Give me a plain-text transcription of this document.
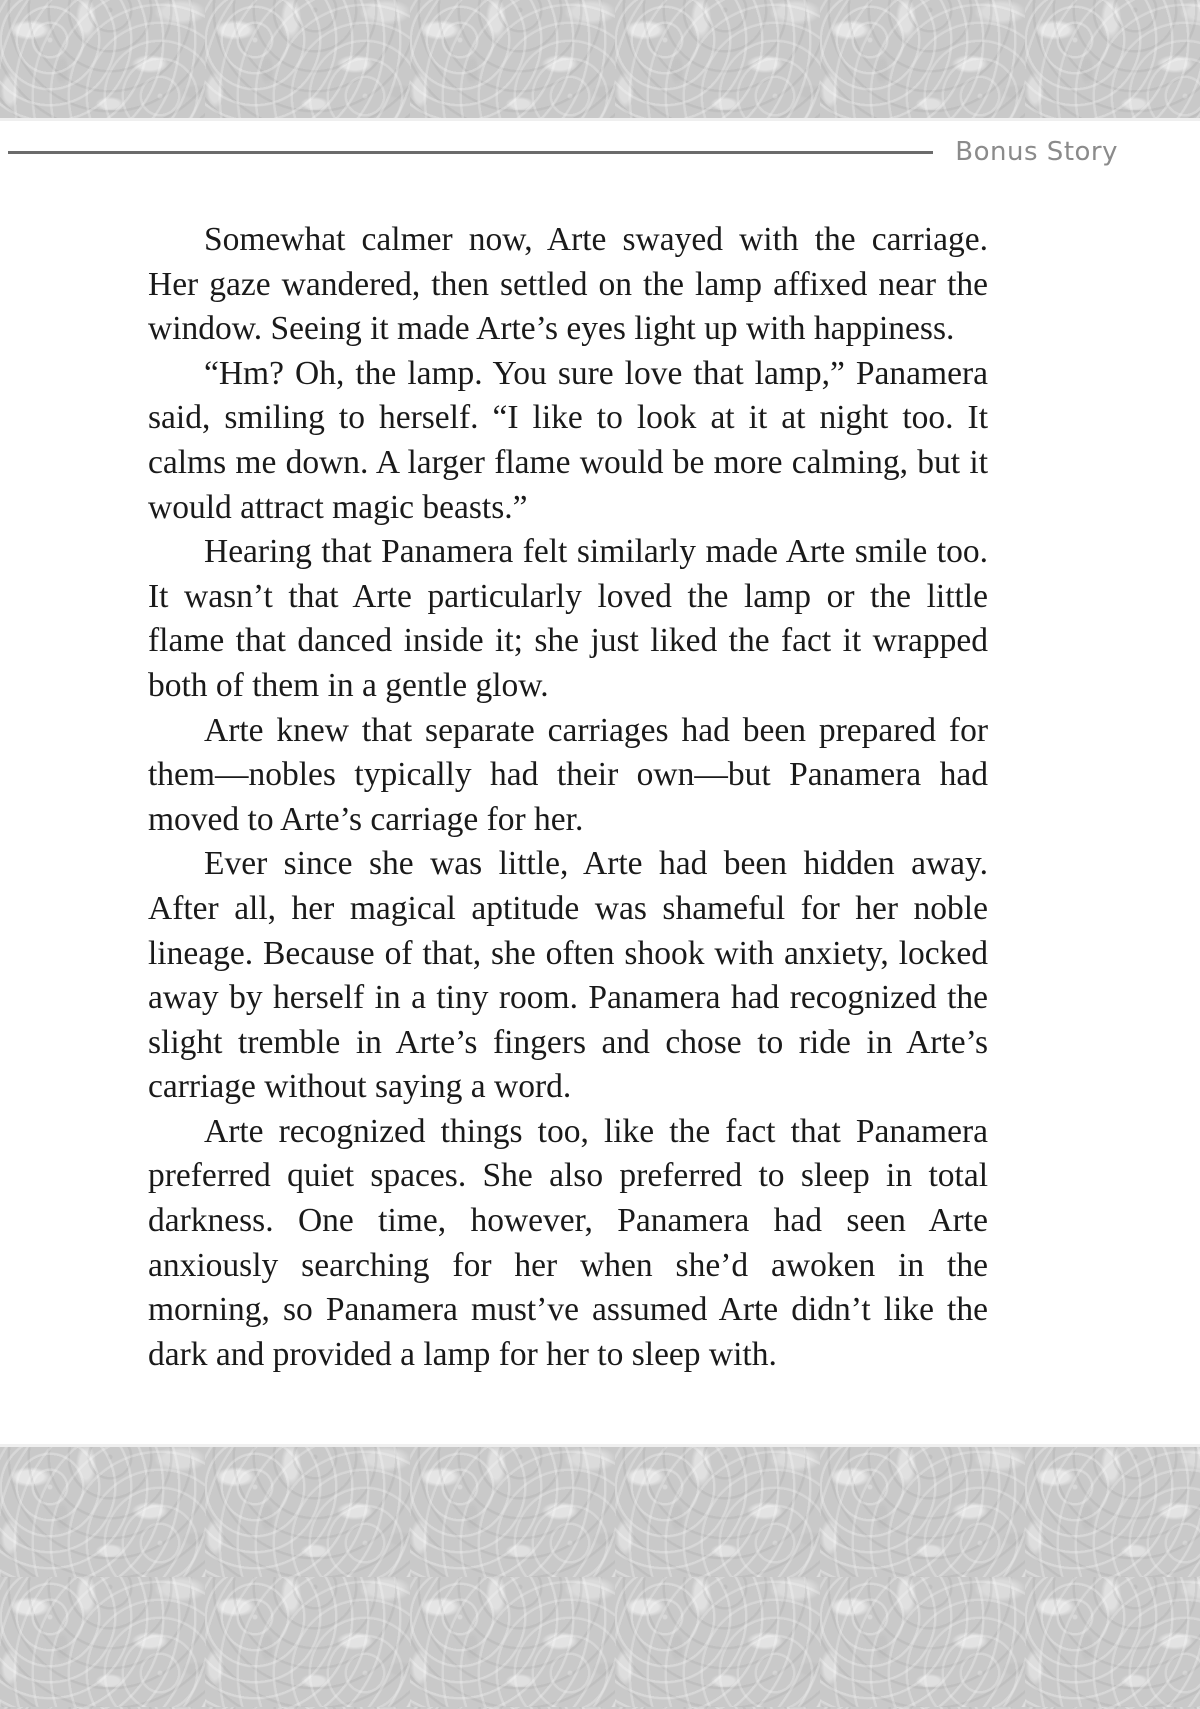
Bonus Story

Somewhat calmer now, Arte swayed with the carriage. Her gaze wandered, then settled on the lamp affixed near the window. Seeing it made Arte’s eyes light up with happiness.

“Hm? Oh, the lamp. You sure love that lamp,” Panamera said, smiling to herself. “I like to look at it at night too. It calms me down. A larger flame would be more calming, but it would attract magic beasts.”

Hearing that Panamera felt similarly made Arte smile too. It wasn’t that Arte particularly loved the lamp or the little flame that danced inside it; she just liked the fact it wrapped both of them in a gentle glow.

Arte knew that separate carriages had been prepared for them—nobles typically had their own—but Panamera had moved to Arte’s carriage for her.

Ever since she was little, Arte had been hidden away. After all, her magical aptitude was shameful for her noble lineage. Because of that, she often shook with anxiety, locked away by herself in a tiny room. Panamera had recognized the slight tremble in Arte’s fingers and chose to ride in Arte’s carriage without saying a word.

Arte recognized things too, like the fact that Panamera preferred quiet spaces. She also preferred to sleep in total darkness. One time, however, Panamera had seen Arte anxiously searching for her when she’d awoken in the morning, so Panamera must’ve assumed Arte didn’t like the dark and provided a lamp for her to sleep with.
